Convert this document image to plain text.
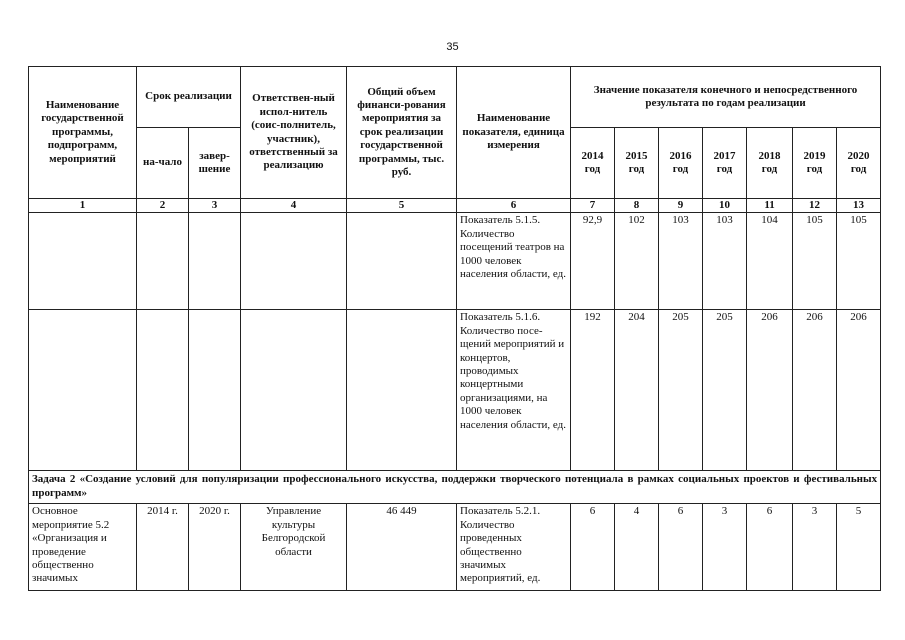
35
Наименование государственной программы, подпрограмм, мероприятий	Срок реализации		Ответствен-ный испол-нитель (соис-полнитель, участник), ответственный за реализацию	Общий объем финанси-рования мероприятия за срок реализации государственной программы, тыс. руб.	Наименование показателя, единица измерения	Значение показателя конечного и непосредственного результата по годам реализации						
	на-чало	завер-шение				2014 год	2015 год	2016 год	2017 год	2018 год	2019 год	2020 год
1	2	3	4	5	6	7	8	9	10	11	12	13
					Показатель 5.1.5. Количество посещений театров на 1000 человек населения области, ед.	92,9	102	103	103	104	105	105
					Показатель 5.1.6. Количество посе-щений мероприятий и концертов, проводимых концертными организациями, на 1000 человек населения области, ед.	192	204	205	205	206	206	206
Задача 2 «Создание условий для популяризации профессионального искусства, поддержки творческого потенциала в рамках социальных проектов и фестивальных программ»												
Основное мероприятие 5.2 «Организация и проведение общественно значимых	2014 г.	2020 г.	Управление культуры Белгородской области	46 449	Показатель 5.2.1. Количество проведенных общественно значимых мероприятий, ед.	6	4	6	3	6	3	5
